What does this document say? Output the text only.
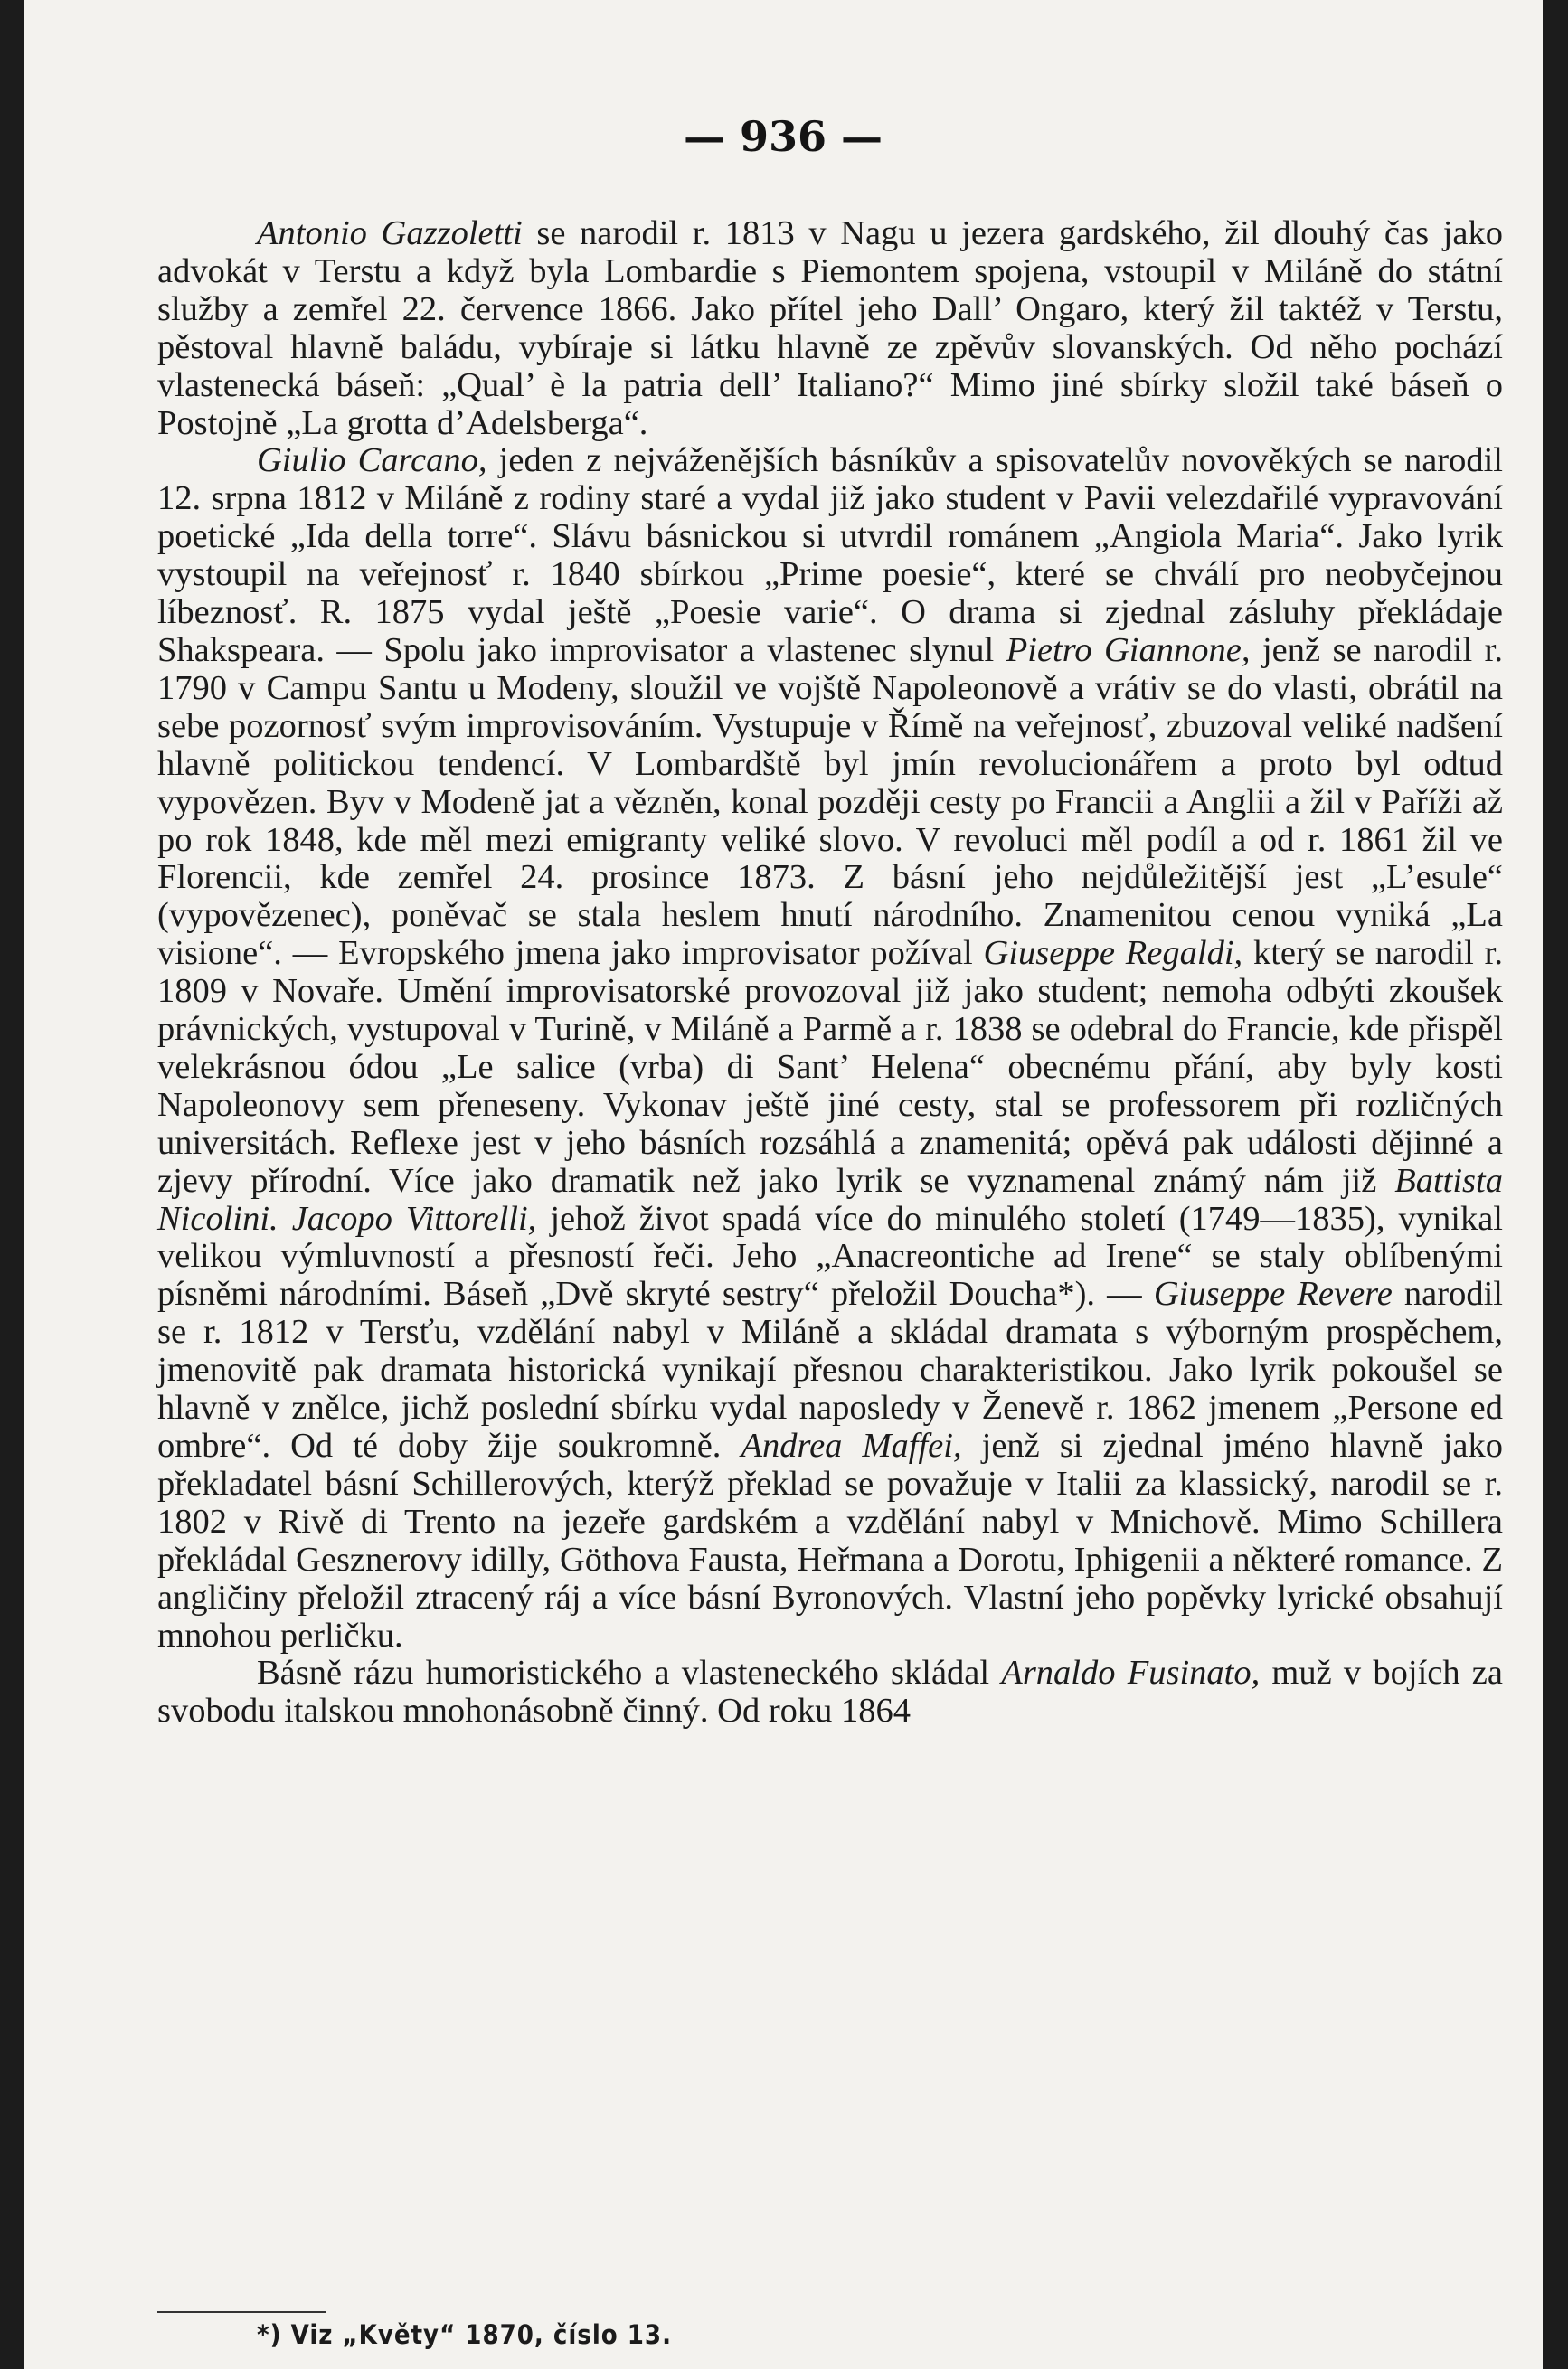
— 936 —

Antonio Gazzoletti se narodil r. 1813 v Nagu u jezera gardského, žil dlouhý čas jako advokát v Terstu a když byla Lombardie s Piemontem spojena, vstoupil v Miláně do státní služby a zemřel 22. července 1866. Jako přítel jeho Dall’ Ongaro, který žil taktéž v Terstu, pěstoval hlavně baládu, vybíraje si látku hlavně ze zpěvův slovanských. Od něho pochází vlastenecká báseň: „Qual’ è la patria dell’ Italiano?“ Mimo jiné sbírky složil také báseň o Postojně „La grotta d’Adelsberga“.

Giulio Carcano, jeden z nejváženějších básníkův a spisovatelův novověkých se narodil 12. srpna 1812 v Miláně z rodiny staré a vydal již jako student v Pavii velezdařilé vypravování poetické „Ida della torre“. Slávu básnickou si utvrdil románem „Angiola Maria“. Jako lyrik vystoupil na veřejnosť r. 1840 sbírkou „Prime poesie“, které se chválí pro neobyčejnou líbeznosť. R. 1875 vydal ještě „Poesie varie“. O drama si zjednal zásluhy překládaje Shakspeara. — Spolu jako improvisator a vlastenec slynul Pietro Giannone, jenž se narodil r. 1790 v Campu Santu u Modeny, sloužil ve vojště Napoleonově a vrátiv se do vlasti, obrátil na sebe pozornosť svým improvisováním. Vystupuje v Římě na veřejnosť, zbuzoval veliké nadšení hlavně politickou tendencí. V Lombardště byl jmín revolucionářem a proto byl odtud vypovězen. Byv v Modeně jat a vězněn, konal později cesty po Francii a Anglii a žil v Paříži až po rok 1848, kde měl mezi emigranty veliké slovo. V revoluci měl podíl a od r. 1861 žil ve Florencii, kde zemřel 24. prosince 1873. Z básní jeho nejdůležitější jest „L’esule“ (vypovězenec), poněvač se stala heslem hnutí národního. Znamenitou cenou vyniká „La visione“. — Evropského jmena jako improvisator požíval Giuseppe Regaldi, který se narodil r. 1809 v Novaře. Umění improvisatorské provozoval již jako student; nemoha odbýti zkoušek právnických, vystupoval v Turině, v Miláně a Parmě a r. 1838 se odebral do Francie, kde přispěl velekrásnou ódou „Le salice (vrba) di Sant’ Helena“ obecnému přání, aby byly kosti Napoleonovy sem přeneseny. Vykonav ještě jiné cesty, stal se professorem při rozličných universitách. Reflexe jest v jeho básních rozsáhlá a znamenitá; opěvá pak události dějinné a zjevy přírodní. Více jako dramatik než jako lyrik se vyznamenal známý nám již Battista Nicolini. Jacopo Vittorelli, jehož život spadá více do minulého století (1749—1835), vynikal velikou výmluvností a přesností řeči. Jeho „Anacreontiche ad Irene“ se staly oblíbenými písněmi národními. Báseň „Dvě skryté sestry“ přeložil Doucha*). — Giuseppe Revere narodil se r. 1812 v Tersťu, vzdělání nabyl v Miláně a skládal dramata s výborným prospěchem, jmenovitě pak dramata historická vynikají přesnou charakteristikou. Jako lyrik pokoušel se hlavně v znělce, jichž poslední sbírku vydal naposledy v Ženevě r. 1862 jmenem „Persone ed ombre“. Od té doby žije soukromně. Andrea Maffei, jenž si zjednal jméno hlavně jako překladatel básní Schillerových, kterýž překlad se považuje v Italii za klassický, narodil se r. 1802 v Rivě di Trento na jezeře gardském a vzdělání nabyl v Mnichově. Mimo Schillera překládal Gesznerovy idilly, Göthova Fausta, Heřmana a Dorotu, Iphigenii a některé romance. Z angličiny přeložil ztracený ráj a více básní Byronových. Vlastní jeho popěvky lyrické obsahují mnohou perličku.

Básně rázu humoristického a vlasteneckého skládal Arnaldo Fusinato, muž v bojích za svobodu italskou mnohonásobně činný. Od roku 1864

*) Viz „Květy“ 1870, číslo 13.
